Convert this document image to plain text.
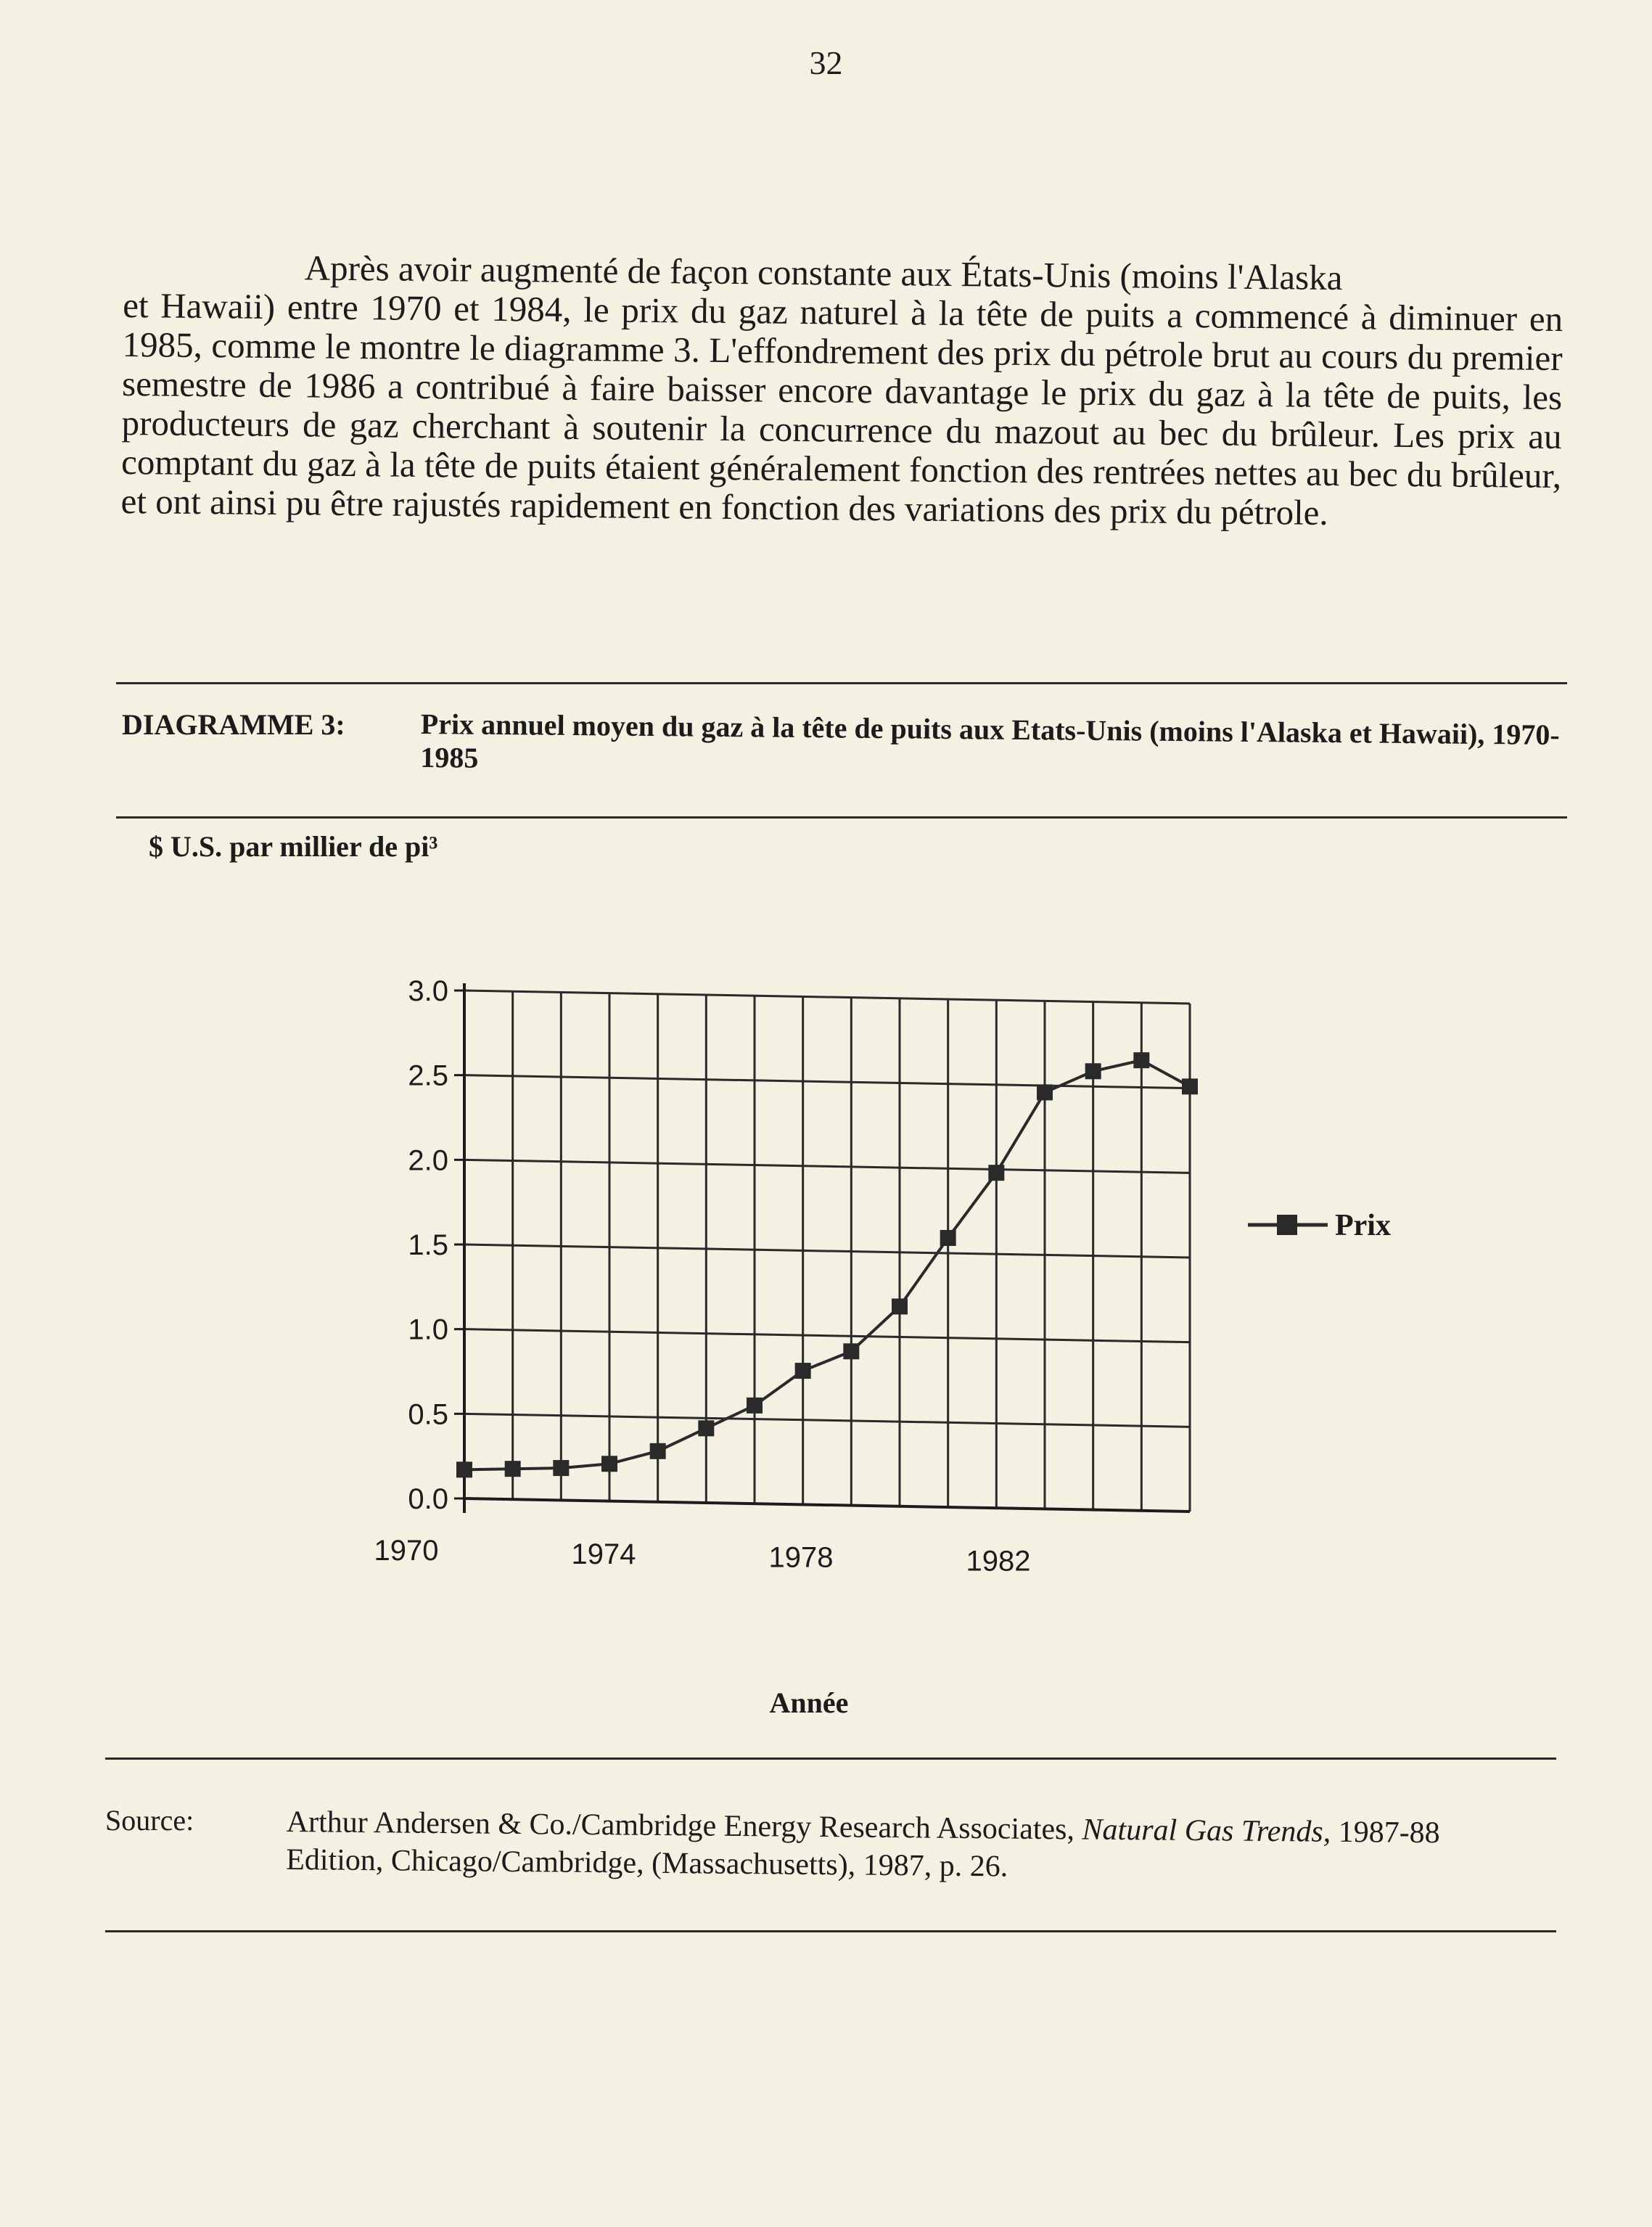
32
Après avoir augmenté de façon constante aux États-Unis (moins l'Alaska
et Hawaii) entre 1970 et 1984, le prix du gaz naturel à la tête de puits a commencé à diminuer en 1985, comme le montre le diagramme 3. L'effondrement des prix du pétrole brut au cours du premier semestre de 1986 a contribué à faire baisser encore davantage le prix du gaz à la tête de puits, les producteurs de gaz cherchant à soutenir la concurrence du mazout au bec du brûleur. Les prix au comptant du gaz à la tête de puits étaient généralement fonction des rentrées nettes au bec du brûleur, et ont ainsi pu être rajustés rapidement en fonction des variations des prix du pétrole.
DIAGRAMME 3:	Prix annuel moyen du gaz à la tête de puits aux Etats-Unis (moins l'Alaska et Hawaii), 1970-1985
$ U.S. par millier de pi³
0.0
0.5
1.0
1.5
2.0
2.5
3.0
1970	1974	1978	1982
Prix
Année
Source:	Arthur Andersen & Co./Cambridge Energy Research Associates, Natural Gas Trends, 1987-88 Edition, Chicago/Cambridge, (Massachusetts), 1987, p. 26.
